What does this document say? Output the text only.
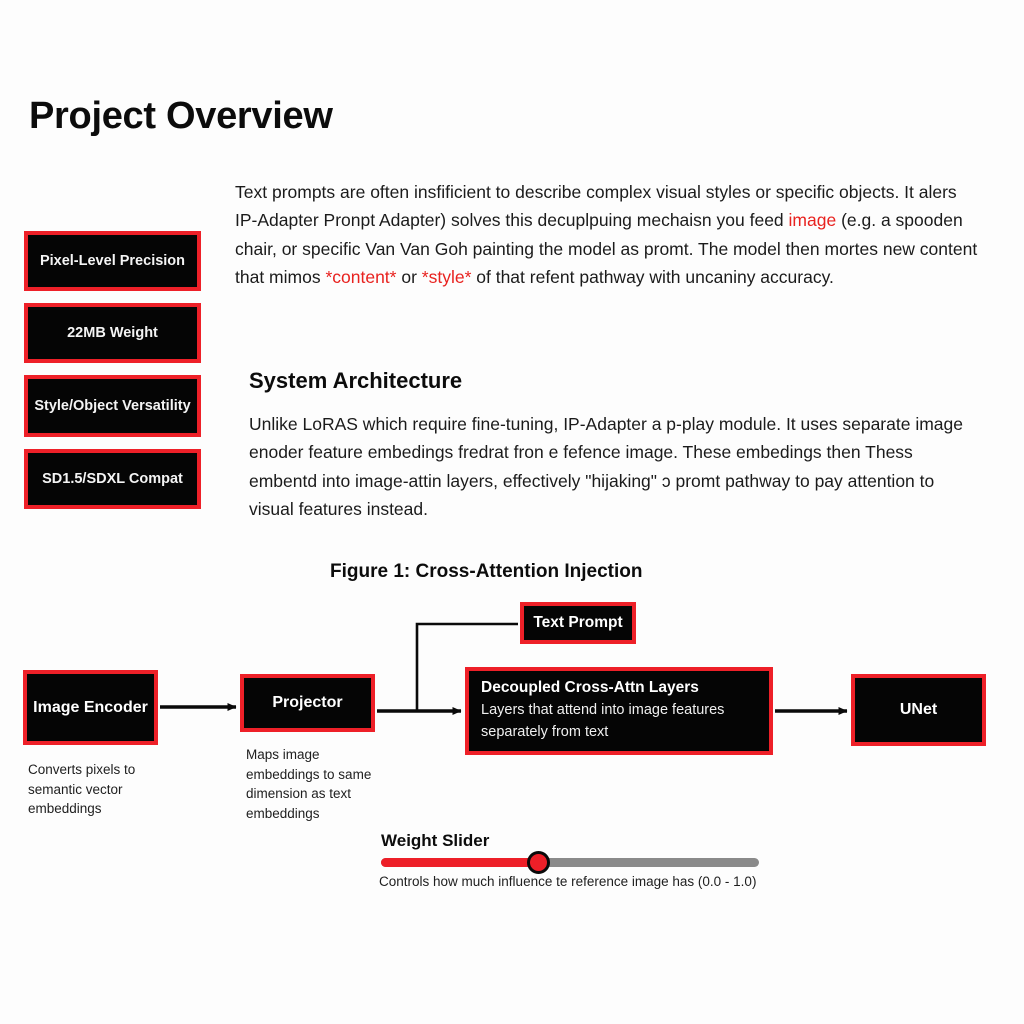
Project Overview

Text prompts are often insfificient to describe complex visual styles or specific objects. It alers IP-Adapter Pronpt Adapter) solves this decuplpuing mechaisn you feed image (e.g. a spooden chair, or specific Van Van Goh painting the model as promt. The model then mortes new content that mimos *content* or *style* of that refent pathway with uncaniny accuracy.

System Architecture

Unlike LoRAS which require fine-tuning, IP-Adapter a p-play module. It uses separate image enoder feature embedings fredrat fron e fefence image. These embedings then Thess embentd into image-attin layers, effectively "hijaking" ɔ promt pathway to pay attention to visual features instead.

Pixel-Level Precision
22MB Weight
Style/Object Versatility
SD1.5/SDXL Compat
Figure 1: Cross-Attention Injection
Text Prompt
Image Encoder
Converts pixels to semantic vector embeddings
Projector
Maps image embeddings to same dimension as text embeddings
Decoupled Cross-Attn Layers
Layers that attend into image features separately from text
UNet
Weight Slider
Controls how much influence te reference image has (0.0 - 1.0)
